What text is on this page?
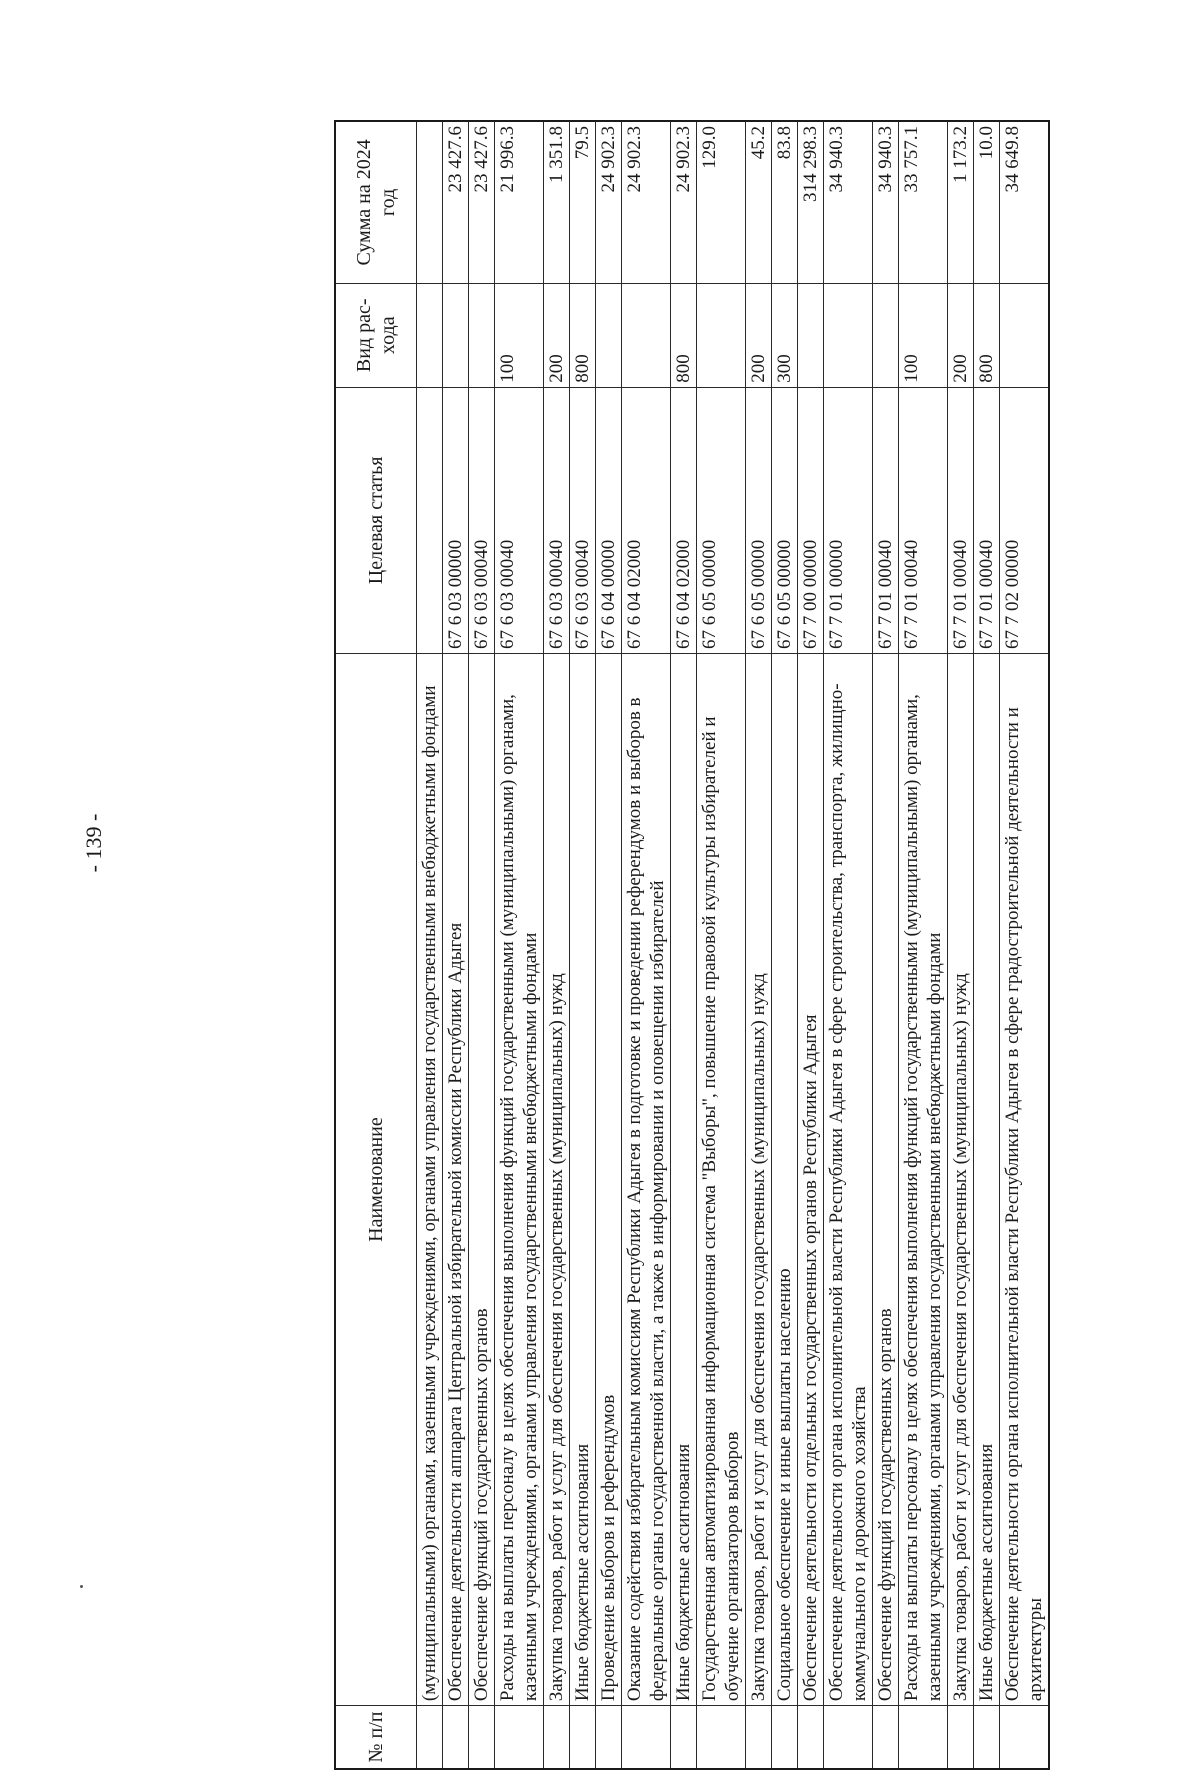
- 139 -
№ п/п	Наименование	Целевая статья	Вид рас-хода	Сумма на 2024 год
	(муниципальными) органами, казенными учреждениями, органами управления государственными внебюджетными фондами			
	Обеспечение деятельности аппарата Центральной избирательной комиссии Республики Адыгея	67 6 03 00000		23 427.6
	Обеспечение функций государственных органов	67 6 03 00040		23 427.6
	Расходы на выплаты персоналу в целях обеспечения выполнения функций государственными (муниципальными) органами, казенными учреждениями, органами управления государственными внебюджетными фондами	67 6 03 00040	100	21 996.3
	Закупка товаров, работ и услуг для обеспечения государственных (муниципальных) нужд	67 6 03 00040	200	1 351.8
	Иные бюджетные ассигнования	67 6 03 00040	800	79.5
	Проведение выборов и референдумов	67 6 04 00000		24 902.3
	Оказание содействия избирательным комиссиям Республики Адыгея в подготовке и проведении референдумов и выборов в федеральные органы государственной власти, а также в информировании и оповещении избирателей	67 6 04 02000		24 902.3
	Иные бюджетные ассигнования	67 6 04 02000	800	24 902.3
	Государственная автоматизированная информационная система "Выборы", повышение правовой культуры избирателей и обучение организаторов выборов	67 6 05 00000		129.0
	Закупка товаров, работ и услуг для обеспечения государственных (муниципальных) нужд	67 6 05 00000	200	45.2
	Социальное обеспечение и иные выплаты населению	67 6 05 00000	300	83.8
	Обеспечение деятельности отдельных государственных органов Республики Адыгея	67 7 00 00000		314 298.3
	Обеспечение деятельности органа исполнительной власти Республики Адыгея в сфере строительства, транспорта, жилищно-коммунального и дорожного хозяйства	67 7 01 00000		34 940.3
	Обеспечение функций государственных органов	67 7 01 00040		34 940.3
	Расходы на выплаты персоналу в целях обеспечения выполнения функций государственными (муниципальными) органами, казенными учреждениями, органами управления государственными внебюджетными фондами	67 7 01 00040	100	33 757.1
	Закупка товаров, работ и услуг для обеспечения государственных (муниципальных) нужд	67 7 01 00040	200	1 173.2
	Иные бюджетные ассигнования	67 7 01 00040	800	10.0
	Обеспечение деятельности органа исполнительной власти Республики Адыгея в сфере градостроительной деятельности и архитектуры	67 7 02 00000		34 649.8
